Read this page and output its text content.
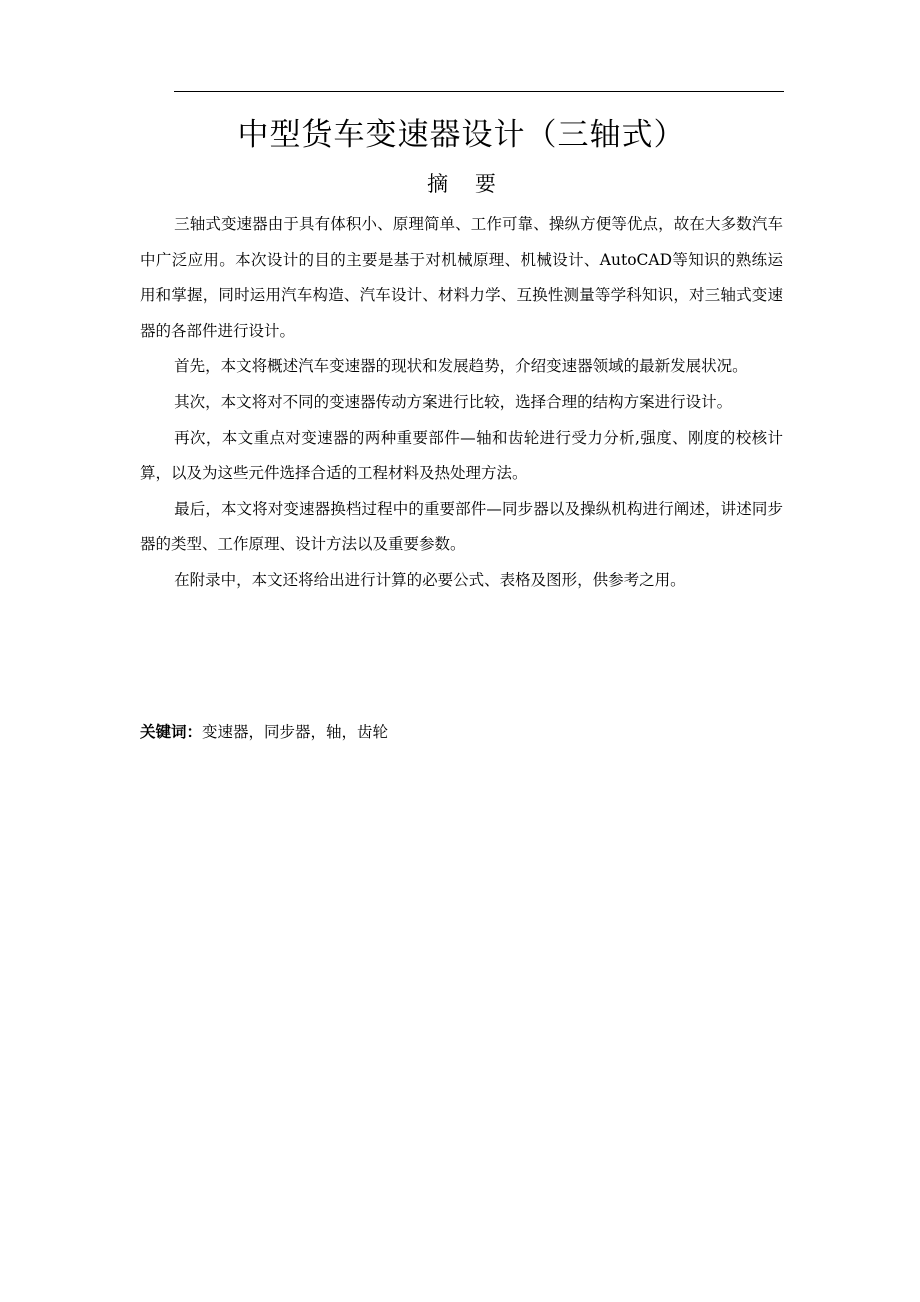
中型货车变速器设计（三轴式）
摘    要

三轴式变速器由于具有体积小、原理简单、工作可靠、操纵方便等优点，故在大多数汽车中广泛应用。本次设计的目的主要是基于对机械原理、机械设计、AutoCAD等知识的熟练运用和掌握，同时运用汽车构造、汽车设计、材料力学、互换性测量等学科知识，对三轴式变速器的各部件进行设计。

首先，本文将概述汽车变速器的现状和发展趋势，介绍变速器领域的最新发展状况。

其次，本文将对不同的变速器传动方案进行比较，选择合理的结构方案进行设计。

再次，本文重点对变速器的两种重要部件—轴和齿轮进行受力分析,强度、刚度的校核计算，以及为这些元件选择合适的工程材料及热处理方法。

最后，本文将对变速器换档过程中的重要部件—同步器以及操纵机构进行阐述，讲述同步器的类型、工作原理、设计方法以及重要参数。

在附录中，本文还将给出进行计算的必要公式、表格及图形，供参考之用。

关键词：变速器，同步器，轴，齿轮
